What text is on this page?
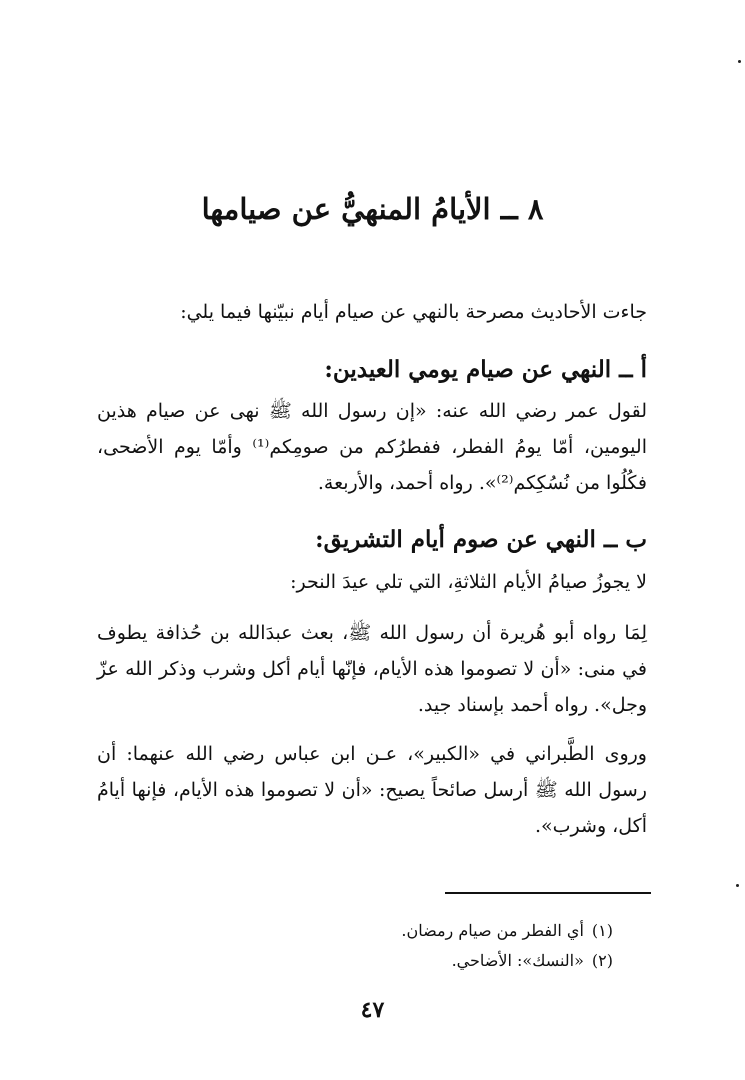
٨ ــ الأيامُ المنهيُّ عن صيامها
جاءت الأحاديث مصرحة بالنهي عن صيام أيام نبيّنها فيما يلي:
أ ــ النهي عن صيام يومي العيدين:
لقول عمر رضي الله عنه: «إن رسول الله ﷺ نهى عن صيام هذين اليومين، أمّا يومُ الفطر، ففطرُكم من صومِكم⁽¹⁾ وأمّا يوم الأضحى، فكُلُوا من نُسُكِكم⁽²⁾». رواه أحمد، والأربعة.
ب ــ النهي عن صوم أيام التشريق:
لا يجوزُ صيامُ الأيام الثلاثةِ، التي تلي عيدَ النحر:
لِمَا رواه أبو هُريرة أن رسول الله ﷺ، بعث عبدَالله بن حُذافة يطوف في منى: «أن لا تصوموا هذه الأيام، فإنّها أيام أكل وشرب وذكر الله عزّ وجل». رواه أحمد بإسناد جيد.
وروى الطَّبراني في «الكبير»، عـن ابن عباس رضي الله عنهما: أن رسول الله ﷺ أرسل صائحاً يصيح: «أن لا تصوموا هذه الأيام، فإنها أيامُ أكل، وشرب».
(١)أي الفطر من صيام رمضان.
(٢)«النسك»: الأضاحي.
٤٧
